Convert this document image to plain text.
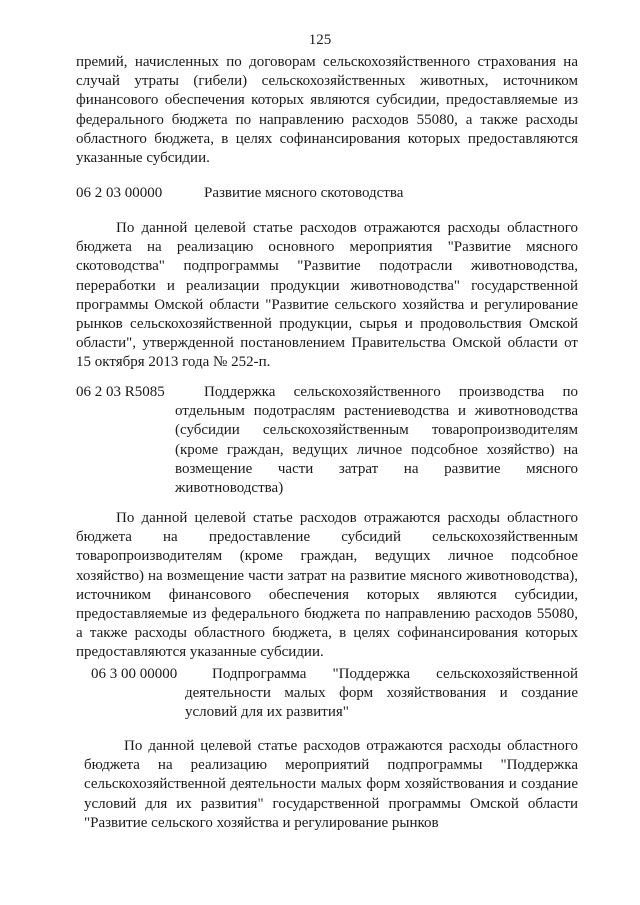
125

премий, начисленных по договорам сельскохозяйственного страхования на случай утраты (гибели) сельскохозяйственных животных, источником финансового обеспечения которых являются субсидии, предоставляемые из федерального бюджета по направлению расходов 55080, а также расходы областного бюджета, в целях софинансирования которых предоставляются указанные субсидии.

06 2 03 00000	Развитие мясного скотоводства

По данной целевой статье расходов отражаются расходы областного бюджета на реализацию основного мероприятия "Развитие мясного скотоводства" подпрограммы "Развитие подотрасли животноводства, переработки и реализации продукции животноводства" государственной программы Омской области "Развитие сельского хозяйства и регулирование рынков сельскохозяйственной продукции, сырья и продовольствия Омской области", утвержденной постановлением Правительства Омской области от 15 октября 2013 года № 252-п.

06 2 03 R5085	Поддержка сельскохозяйственного производства по отдельным подотраслям растениеводства и животноводства (субсидии сельскохозяйственным товаропроизводителям (кроме граждан, ведущих личное подсобное хозяйство) на возмещение части затрат на развитие мясного животноводства)

По данной целевой статье расходов отражаются расходы областного бюджета на предоставление субсидий сельскохозяйственным товаропроизводителям (кроме граждан, ведущих личное подсобное хозяйство) на возмещение части затрат на развитие мясного животноводства), источником финансового обеспечения которых являются субсидии, предоставляемые из федерального бюджета по направлению расходов 55080, а также расходы областного бюджета, в целях софинансирования которых предоставляются указанные субсидии.

06 3 00 00000	Подпрограмма "Поддержка сельскохозяйственной деятельности малых форм хозяйствования и создание условий для их развития"

По данной целевой статье расходов отражаются расходы областного бюджета на реализацию мероприятий подпрограммы "Поддержка сельскохозяйственной деятельности малых форм хозяйствования и создание условий для их развития" государственной программы Омской области "Развитие сельского хозяйства и регулирование рынков
